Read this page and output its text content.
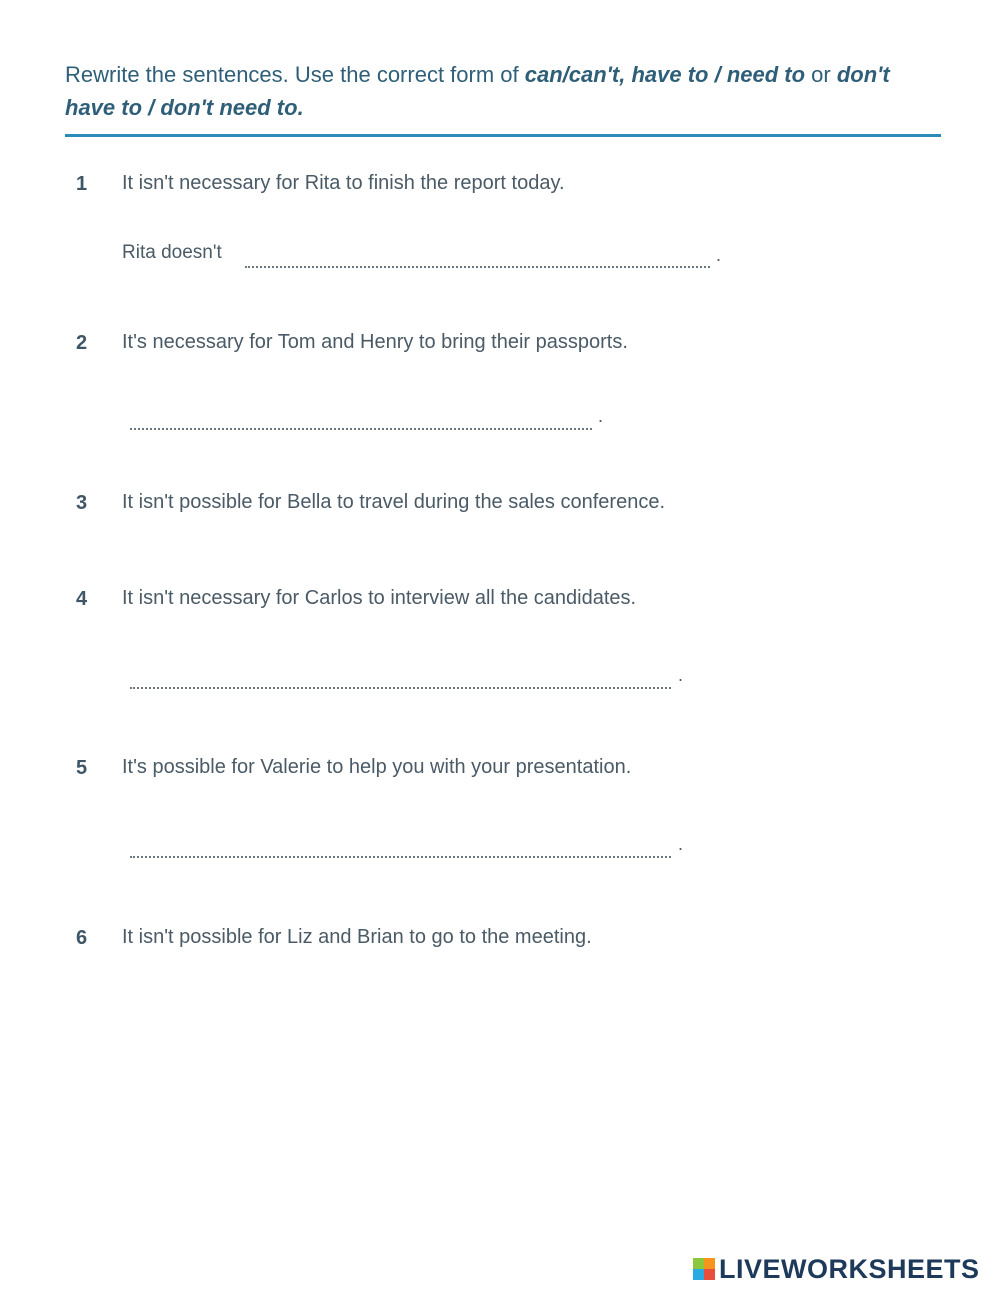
Rewrite the sentences. Use the correct form of can/can't, have to / need to or don't have to / don't need to.
1 It isn't necessary for Rita to finish the report today.
Rita doesn't	.
2 It's necessary for Tom and Henry to bring their passports.
.
3 It isn't possible for Bella to travel during the sales conference.
4 It isn't necessary for Carlos to interview all the candidates.
.
5 It's possible for Valerie to help you with your presentation.
.
6 It isn't possible for Liz and Brian to go to the meeting.
LIVEWORKSHEETS
